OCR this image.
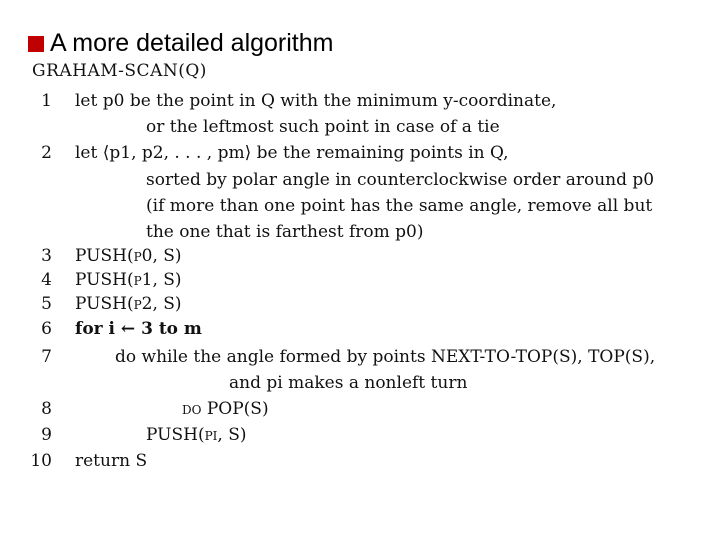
A more detailed algorithm
GRAHAM-SCAN(Q)
1 let p0 be the point in Q with the minimum y-coordinate,
or the leftmost such point in case of a tie
2 let ⟨p1, p2, . . . , pm⟩ be the remaining points in Q,
sorted by polar angle in counterclockwise order around p0
(if more than one point has the same angle, remove all but
the one that is farthest from p0)
3 PUSH(p0, S)
4 PUSH(p1, S)
5 PUSH(p2, S)
6 for i ← 3 to m
7	do while the angle formed by points NEXT-TO-TOP(S), TOP(S),
and pi makes a nonleft turn
8	do POP(S)
9	PUSH(pi, S)
10 return S
